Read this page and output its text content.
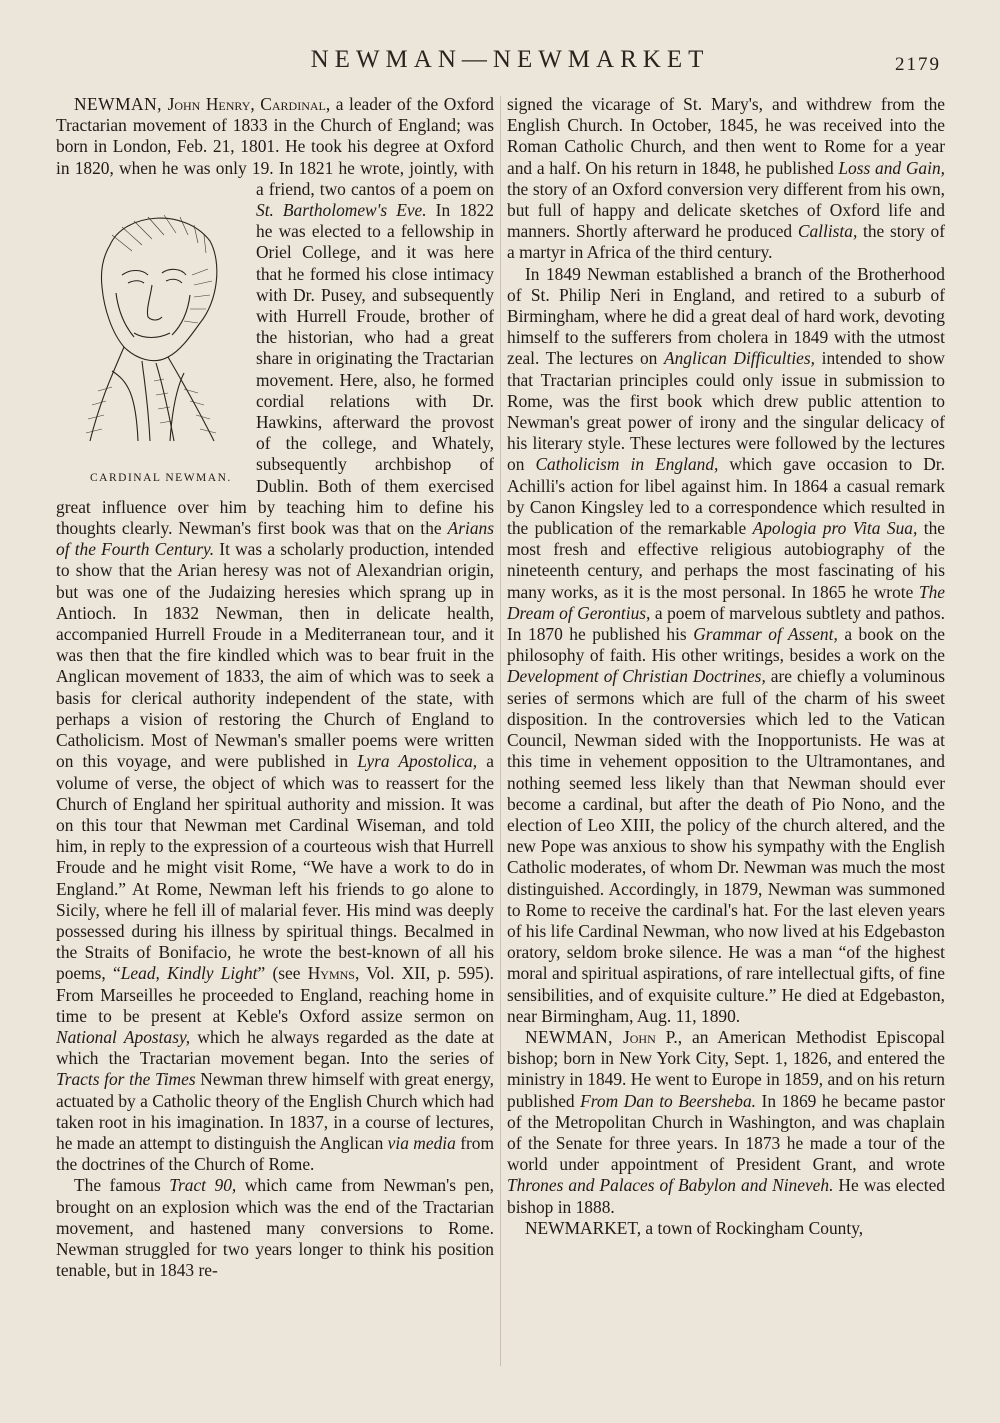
NEWMAN—NEWMARKET	2179

NEWMAN, John Henry, Cardinal, a leader of the Oxford Tractarian movement of 1833 in the Church of England; was born in London, Feb. 21, 1801. He took his degree at Oxford in 1820, when he was only 19. In 1821 he wrote, jointly, with a friend, two cantos of a poem on
CARDINAL NEWMAN.
St. Bartholomew's Eve. In 1822 he was elected to a fellowship in Oriel College, and it was here that he formed his close intimacy with Dr. Pusey, and subsequently with Hurrell Froude, brother of the historian, who had a great share in originating the Tractarian movement. Here, also, he formed cordial relations with Dr. Hawkins, afterward the provost of the college, and Whately, subsequently archbishop of Dublin. Both of them exercised great influence over him by teaching him to define his thoughts clearly. Newman's first book was that on the Arians of the Fourth Century. It was a scholarly production, intended to show that the Arian heresy was not of Alexandrian origin, but was one of the Judaizing heresies which sprang up in Antioch. In 1832 Newman, then in delicate health, accompanied Hurrell Froude in a Mediterranean tour, and it was then that the fire kindled which was to bear fruit in the Anglican movement of 1833, the aim of which was to seek a basis for clerical authority independent of the state, with perhaps a vision of restoring the Church of England to Catholicism. Most of Newman's smaller poems were written on this voyage, and were published in Lyra Apostolica, a volume of verse, the object of which was to reassert for the Church of England her spiritual authority and mission. It was on this tour that Newman met Cardinal Wiseman, and told him, in reply to the expression of a courteous wish that Hurrell Froude and he might visit Rome, “We have a work to do in England.” At Rome, Newman left his friends to go alone to Sicily, where he fell ill of malarial fever. His mind was deeply possessed during his illness by spiritual things. Becalmed in the Straits of Bonifacio, he wrote the best-known of all his poems, “Lead, Kindly Light” (see Hymns, Vol. XII, p. 595). From Marseilles he proceeded to England, reaching home in time to be present at Keble's Oxford assize sermon on National Apostasy, which he always regarded as the date at which the Tractarian movement began. Into the series of Tracts for the Times Newman threw himself with great energy, actuated by a Catholic theory of the English Church which had taken root in his imagination. In 1837, in a course of lectures, he made an attempt to distinguish the Anglican via media from the doctrines of the Church of Rome.

The famous Tract 90, which came from Newman's pen, brought on an explosion which was the end of the Tractarian movement, and hastened many conversions to Rome. Newman struggled for two years longer to think his position tenable, but in 1843 re-

signed the vicarage of St. Mary's, and withdrew from the English Church. In October, 1845, he was received into the Roman Catholic Church, and then went to Rome for a year and a half. On his return in 1848, he published Loss and Gain, the story of an Oxford conversion very different from his own, but full of happy and delicate sketches of Oxford life and manners. Shortly afterward he produced Callista, the story of a martyr in Africa of the third century.

In 1849 Newman established a branch of the Brotherhood of St. Philip Neri in England, and retired to a suburb of Birmingham, where he did a great deal of hard work, devoting himself to the sufferers from cholera in 1849 with the utmost zeal. The lectures on Anglican Difficulties, intended to show that Tractarian principles could only issue in submission to Rome, was the first book which drew public attention to Newman's great power of irony and the singular delicacy of his literary style. These lectures were followed by the lectures on Catholicism in England, which gave occasion to Dr. Achilli's action for libel against him. In 1864 a casual remark by Canon Kingsley led to a correspondence which resulted in the publication of the remarkable Apologia pro Vita Sua, the most fresh and effective religious autobiography of the nineteenth century, and perhaps the most fascinating of his many works, as it is the most personal. In 1865 he wrote The Dream of Gerontius, a poem of marvelous subtlety and pathos. In 1870 he published his Grammar of Assent, a book on the philosophy of faith. His other writings, besides a work on the Development of Christian Doctrines, are chiefly a voluminous series of sermons which are full of the charm of his sweet disposition. In the controversies which led to the Vatican Council, Newman sided with the Inopportunists. He was at this time in vehement opposition to the Ultramontanes, and nothing seemed less likely than that Newman should ever become a cardinal, but after the death of Pio Nono, and the election of Leo XIII, the policy of the church altered, and the new Pope was anxious to show his sympathy with the English Catholic moderates, of whom Dr. Newman was much the most distinguished. Accordingly, in 1879, Newman was summoned to Rome to receive the cardinal's hat. For the last eleven years of his life Cardinal Newman, who now lived at his Edgebaston oratory, seldom broke silence. He was a man “of the highest moral and spiritual aspirations, of rare intellectual gifts, of fine sensibilities, and of exquisite culture.” He died at Edgebaston, near Birmingham, Aug. 11, 1890.

NEWMAN, John P., an American Methodist Episcopal bishop; born in New York City, Sept. 1, 1826, and entered the ministry in 1849. He went to Europe in 1859, and on his return published From Dan to Beersheba. In 1869 he became pastor of the Metropolitan Church in Washington, and was chaplain of the Senate for three years. In 1873 he made a tour of the world under appointment of President Grant, and wrote Thrones and Palaces of Babylon and Nineveh. He was elected bishop in 1888.

NEWMARKET, a town of Rockingham County,
